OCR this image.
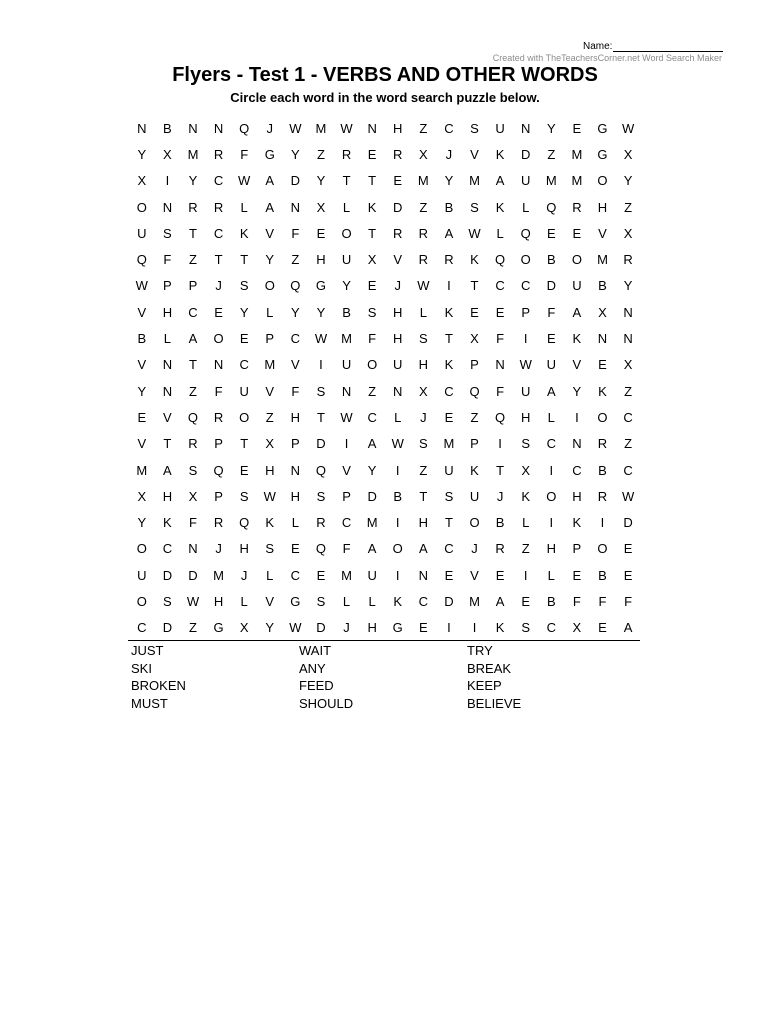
Name:
Created with TheTeachersCorner.net Word Search Maker
Flyers - Test 1 - VERBS AND OTHER WORDS
Circle each word in the word search puzzle below.
N	B	N	N	Q	J	W	M	W	N	H	Z	C	S	U	N	Y	E	G	W
Y	X	M	R	F	G	Y	Z	R	E	R	X	J	V	K	D	Z	M	G	X
X	I	Y	C	W	A	D	Y	T	T	E	M	Y	M	A	U	M	M	O	Y
O	N	R	R	L	A	N	X	L	K	D	Z	B	S	K	L	Q	R	H	Z
U	S	T	C	K	V	F	E	O	T	R	R	A	W	L	Q	E	E	V	X
Q	F	Z	T	T	Y	Z	H	U	X	V	R	R	K	Q	O	B	O	M	R
W	P	P	J	S	O	Q	G	Y	E	J	W	I	T	C	C	D	U	B	Y
V	H	C	E	Y	L	Y	Y	B	S	H	L	K	E	E	P	F	A	X	N
B	L	A	O	E	P	C	W	M	F	H	S	T	X	F	I	E	K	N	N
V	N	T	N	C	M	V	I	U	O	U	H	K	P	N	W	U	V	E	X
Y	N	Z	F	U	V	F	S	N	Z	N	X	C	Q	F	U	A	Y	K	Z
E	V	Q	R	O	Z	H	T	W	C	L	J	E	Z	Q	H	L	I	O	C
V	T	R	P	T	X	P	D	I	A	W	S	M	P	I	S	C	N	R	Z
M	A	S	Q	E	H	N	Q	V	Y	I	Z	U	K	T	X	I	C	B	C
X	H	X	P	S	W	H	S	P	D	B	T	S	U	J	K	O	H	R	W
Y	K	F	R	Q	K	L	R	C	M	I	H	T	O	B	L	I	K	I	D
O	C	N	J	H	S	E	Q	F	A	O	A	C	J	R	Z	H	P	O	E
U	D	D	M	J	L	C	E	M	U	I	N	E	V	E	I	L	E	B	E
O	S	W	H	L	V	G	S	L	L	K	C	D	M	A	E	B	F	F	F
C	D	Z	G	X	Y	W	D	J	H	G	E	I	I	K	S	C	X	E	A
JUST
SKI
BROKEN
MUST
WAIT
ANY
FEED
SHOULD
TRY
BREAK
KEEP
BELIEVE
